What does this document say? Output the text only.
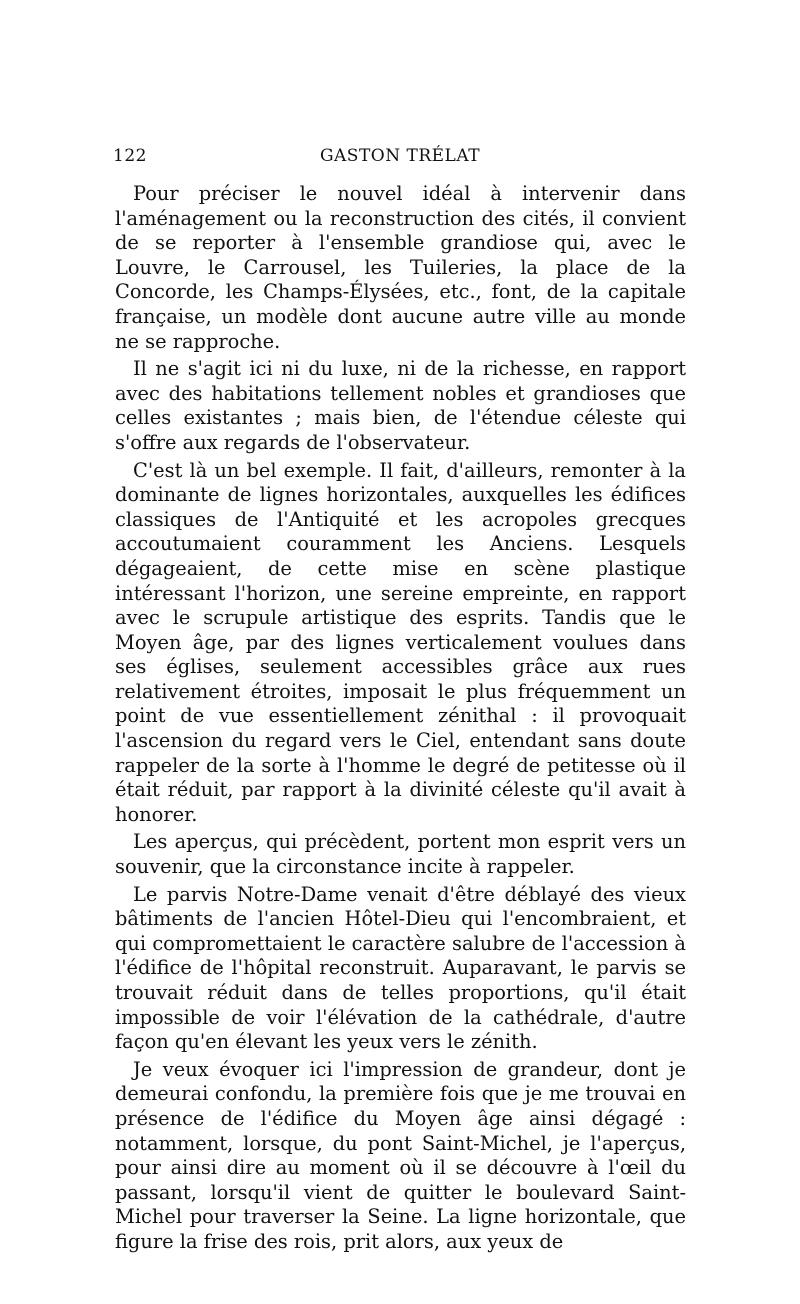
122	GASTON TRÉLAT

Pour préciser le nouvel idéal à intervenir dans l'aménagement ou la reconstruction des cités, il convient de se reporter à l'ensemble grandiose qui, avec le Louvre, le Carrousel, les Tuileries, la place de la Concorde, les Champs-Élysées, etc., font, de la capitale française, un modèle dont aucune autre ville au monde ne se rapproche.

Il ne s'agit ici ni du luxe, ni de la richesse, en rapport avec des habitations tellement nobles et grandioses que celles existantes ; mais bien, de l'étendue céleste qui s'offre aux regards de l'observateur.

C'est là un bel exemple. Il fait, d'ailleurs, remonter à la dominante de lignes horizontales, auxquelles les édifices classiques de l'Antiquité et les acropoles grecques accoutumaient couramment les Anciens. Lesquels dégageaient, de cette mise en scène plastique intéressant l'horizon, une sereine empreinte, en rapport avec le scrupule artistique des esprits. Tandis que le Moyen âge, par des lignes verticalement voulues dans ses églises, seulement accessibles grâce aux rues relativement étroites, imposait le plus fréquemment un point de vue essentiellement zénithal : il provoquait l'ascension du regard vers le Ciel, entendant sans doute rappeler de la sorte à l'homme le degré de petitesse où il était réduit, par rapport à la divinité céleste qu'il avait à honorer.

Les aperçus, qui précèdent, portent mon esprit vers un souvenir, que la circonstance incite à rappeler.

Le parvis Notre-Dame venait d'être déblayé des vieux bâtiments de l'ancien Hôtel-Dieu qui l'encombraient, et qui compromettaient le caractère salubre de l'accession à l'édifice de l'hôpital reconstruit. Auparavant, le parvis se trouvait réduit dans de telles proportions, qu'il était impossible de voir l'élévation de la cathédrale, d'autre façon qu'en élevant les yeux vers le zénith.

Je veux évoquer ici l'impression de grandeur, dont je demeurai confondu, la première fois que je me trouvai en présence de l'édifice du Moyen âge ainsi dégagé : notamment, lorsque, du pont Saint-Michel, je l'aperçus, pour ainsi dire au moment où il se découvre à l'œil du passant, lorsqu'il vient de quitter le boulevard Saint-Michel pour traverser la Seine. La ligne horizontale, que figure la frise des rois, prit alors, aux yeux de
